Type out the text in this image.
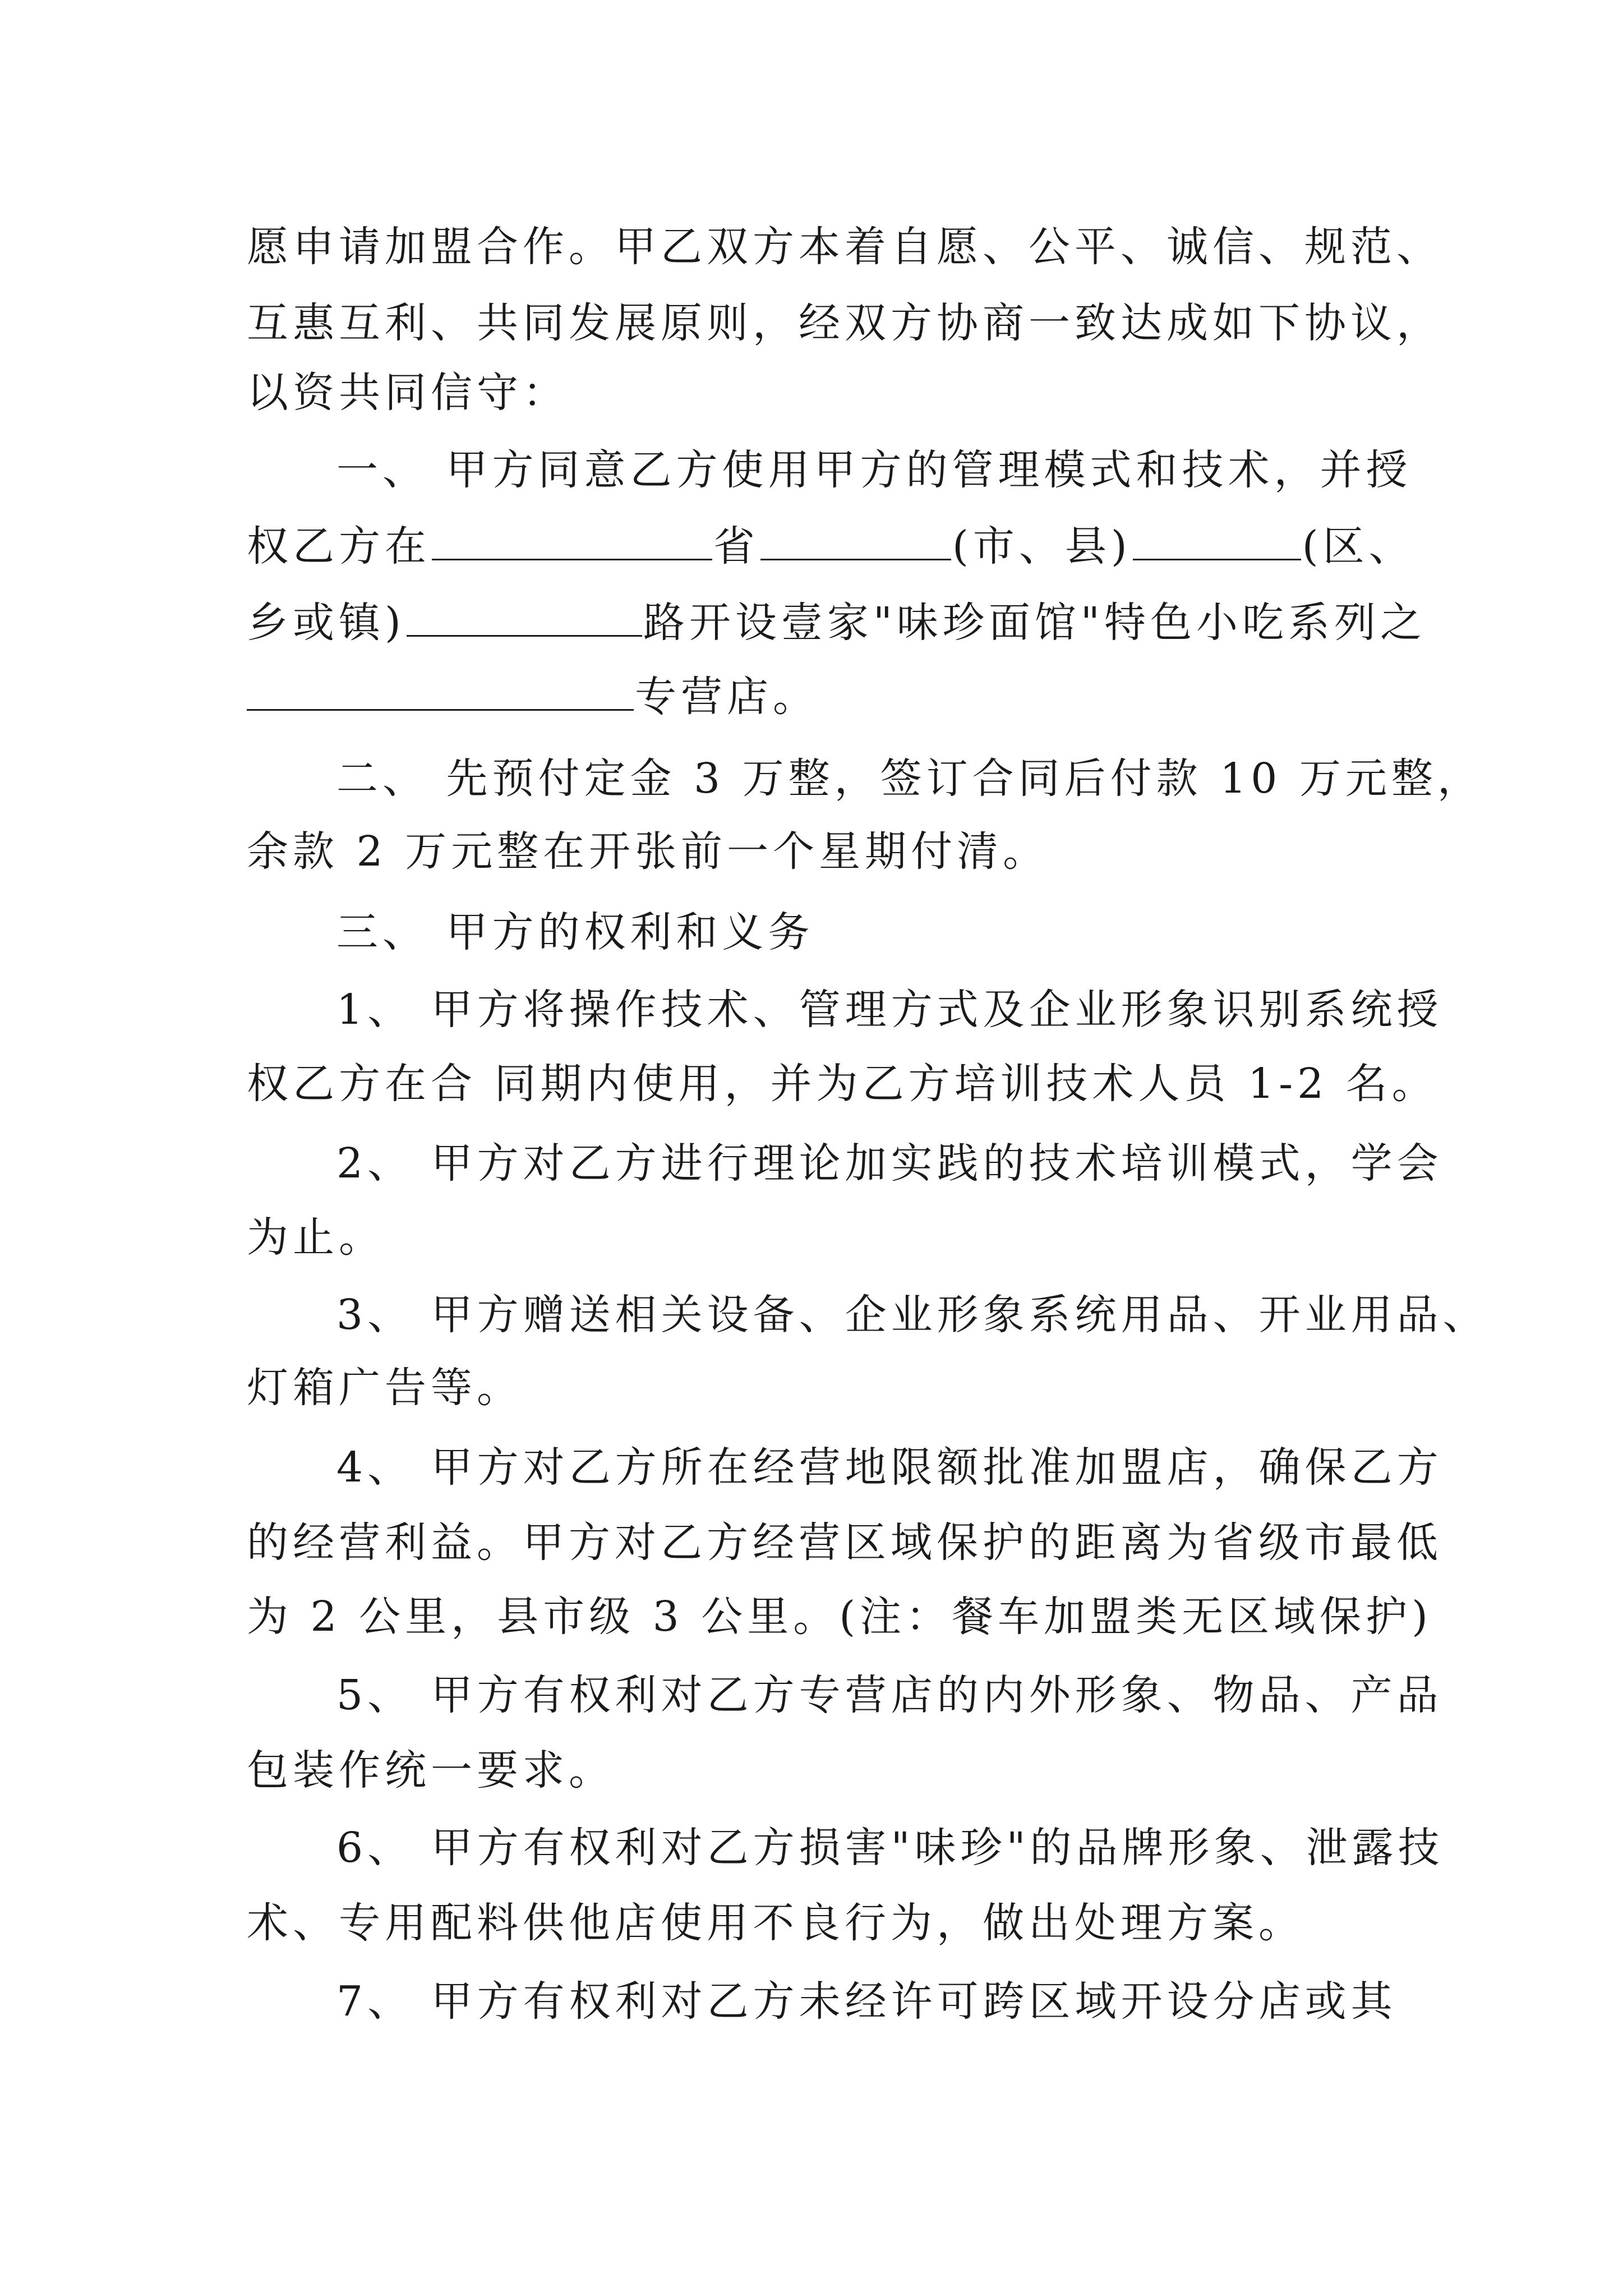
愿申请加盟合作。甲乙双方本着自愿、公平、诚信、规范、
互惠互利、共同发展原则，经双方协商一致达成如下协议，
以资共同信守：
一、 甲方同意乙方使用甲方的管理模式和技术，并授
权乙方在	省	(市、县)	(区、
乡或镇)	路开设壹家"味珍面馆"特色小吃系列之
专营店。
二、 先预付定金 3 万整，签订合同后付款 10 万元整，
余款 2 万元整在开张前一个星期付清。
三、 甲方的权利和义务
1、 甲方将操作技术、管理方式及企业形象识别系统授
权乙方在合 同期内使用，并为乙方培训技术人员 1-2 名。
2、 甲方对乙方进行理论加实践的技术培训模式，学会
为止。
3、 甲方赠送相关设备、企业形象系统用品、开业用品、
灯箱广告等。
4、 甲方对乙方所在经营地限额批准加盟店，确保乙方
的经营利益。甲方对乙方经营区域保护的距离为省级市最低
为 2 公里，县市级 3 公里。(注：餐车加盟类无区域保护)
5、 甲方有权利对乙方专营店的内外形象、物品、产品
包装作统一要求。
6、 甲方有权利对乙方损害"味珍"的品牌形象、泄露技
术、专用配料供他店使用不良行为，做出处理方案。
7、 甲方有权利对乙方未经许可跨区域开设分店或其
